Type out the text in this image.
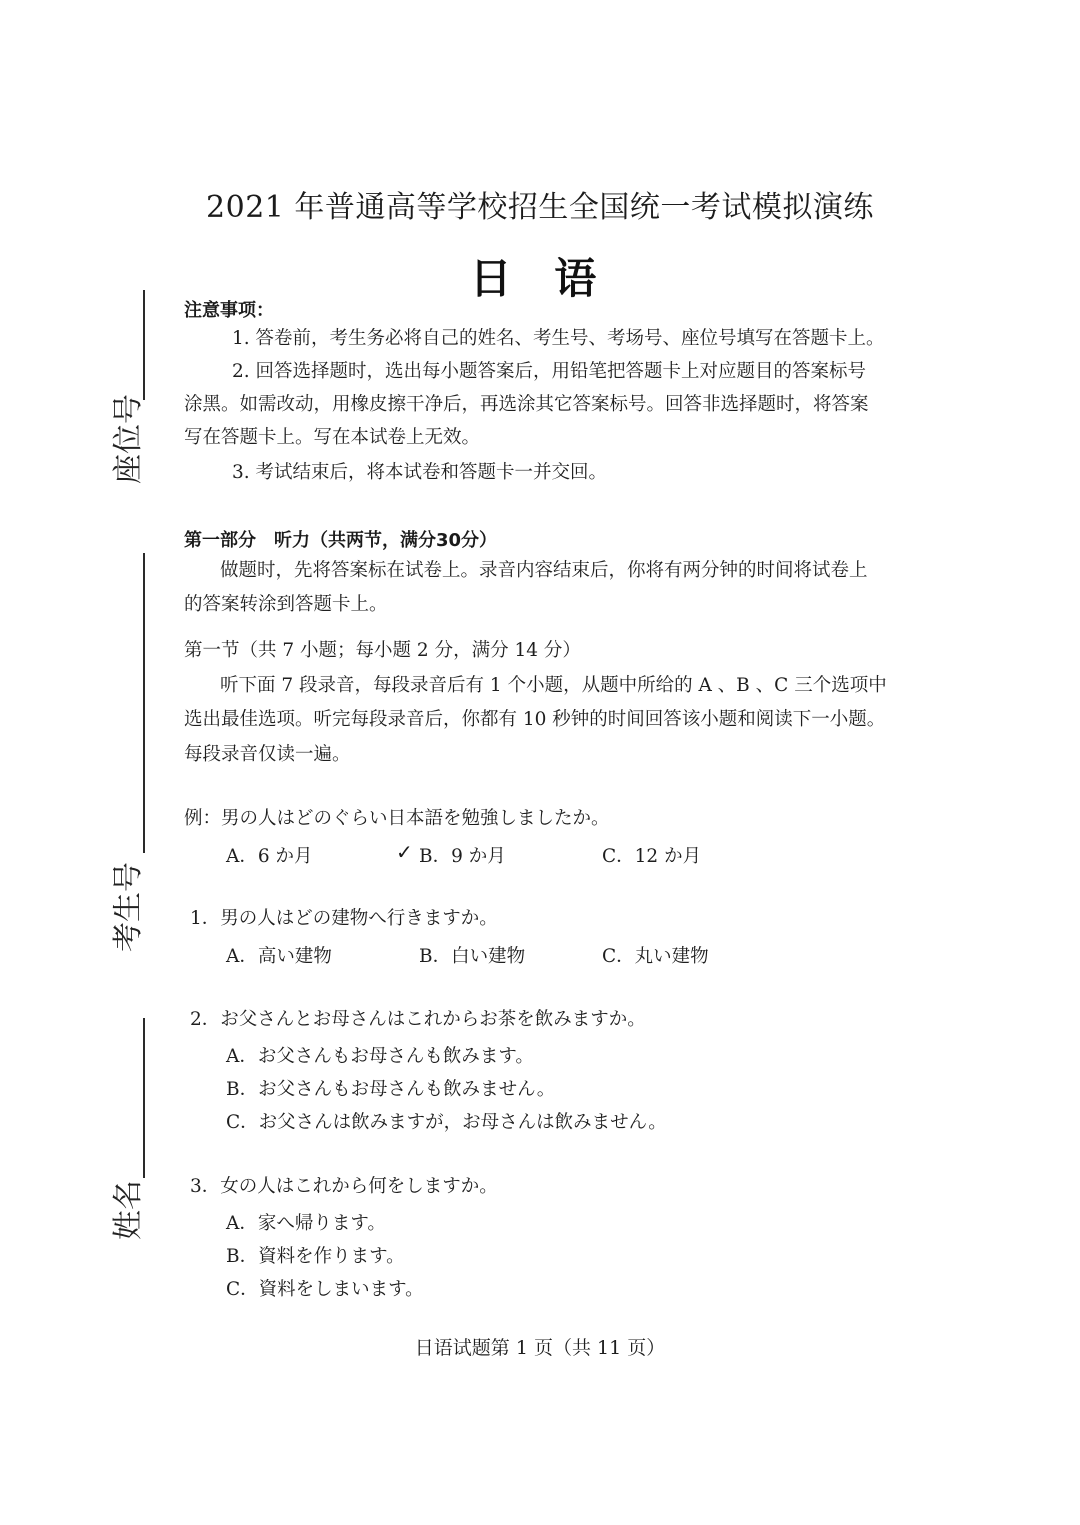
2021 年普通高等学校招生全国统一考试模拟演练
日 语
座位号
考生号
姓名
注意事项：
1. 答卷前，考生务必将自己的姓名、考生号、考场号、座位号填写在答题卡上。
2. 回答选择题时，选出每小题答案后，用铅笔把答题卡上对应题目的答案标号
涂黑。如需改动，用橡皮擦干净后，再选涂其它答案标号。回答非选择题时，将答案
写在答题卡上。写在本试卷上无效。
3. 考试结束后，将本试卷和答题卡一并交回。
第一部分　听力（共两节，满分30分）
做题时，先将答案标在试卷上。录音内容结束后，你将有两分钟的时间将试卷上
的答案转涂到答题卡上。
第一节（共 7 小题；每小题 2 分，满分 14 分）
听下面 7 段录音，每段录音后有 1 个小题，从题中所给的 A 、B 、C 三个选项中
选出最佳选项。听完每段录音后，你都有 10 秒钟的时间回答该小题和阅读下一小题。
每段录音仅读一遍。
例：男の人はどのぐらい日本語を勉強しましたか。
A．6 か月	✓ B．9 か月	C．12 か月
1．男の人はどの建物へ行きますか。
A．高い建物	B．白い建物	C．丸い建物
2．お父さんとお母さんはこれからお茶を飲みますか。
A．お父さんもお母さんも飲みます。
B．お父さんもお母さんも飲みません。
C．お父さんは飲みますが，お母さんは飲みません。
3．女の人はこれから何をしますか。
A．家へ帰ります。
B．資料を作ります。
C．資料をしまいます。
日语试题第 1 页（共 11 页）
